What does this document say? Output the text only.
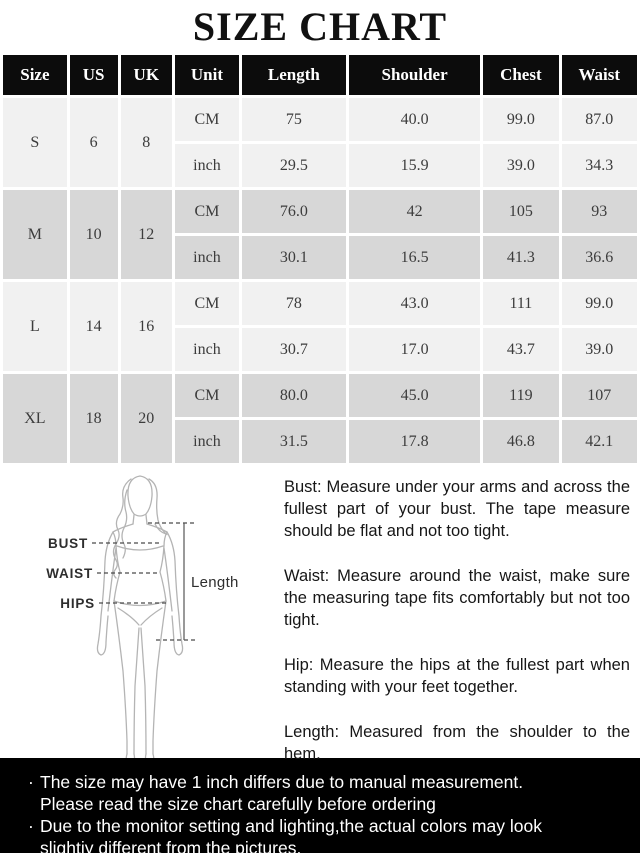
SIZE CHART
Size	US	UK	Unit	Length	Shoulder	Chest	Waist
S	6	8	CM	75	40.0	99.0	87.0
			inch	29.5	15.9	39.0	34.3
M	10	12	CM	76.0	42	105	93
			inch	30.1	16.5	41.3	36.6
L	14	16	CM	78	43.0	111	99.0
			inch	30.7	17.0	43.7	39.0
XL	18	20	CM	80.0	45.0	119	107
			inch	31.5	17.8	46.8	42.1
BUST
WAIST
HIPS
Length

Bust: Measure under your arms and across the fullest part of your bust. The tape measure should be flat and not too tight.

Waist: Measure around the waist, make sure the measuring tape fits comfortably but not too tight.

Hip: Measure the hips at the fullest part when standing with your feet together.

Length: Measured from the shoulder to the hem.

· The size may have 1 inch differs due to manual measurement.
Please read the size chart carefully before ordering
· Due to the monitor setting and lighting,the actual colors may look
slightiy different from the pictures.
